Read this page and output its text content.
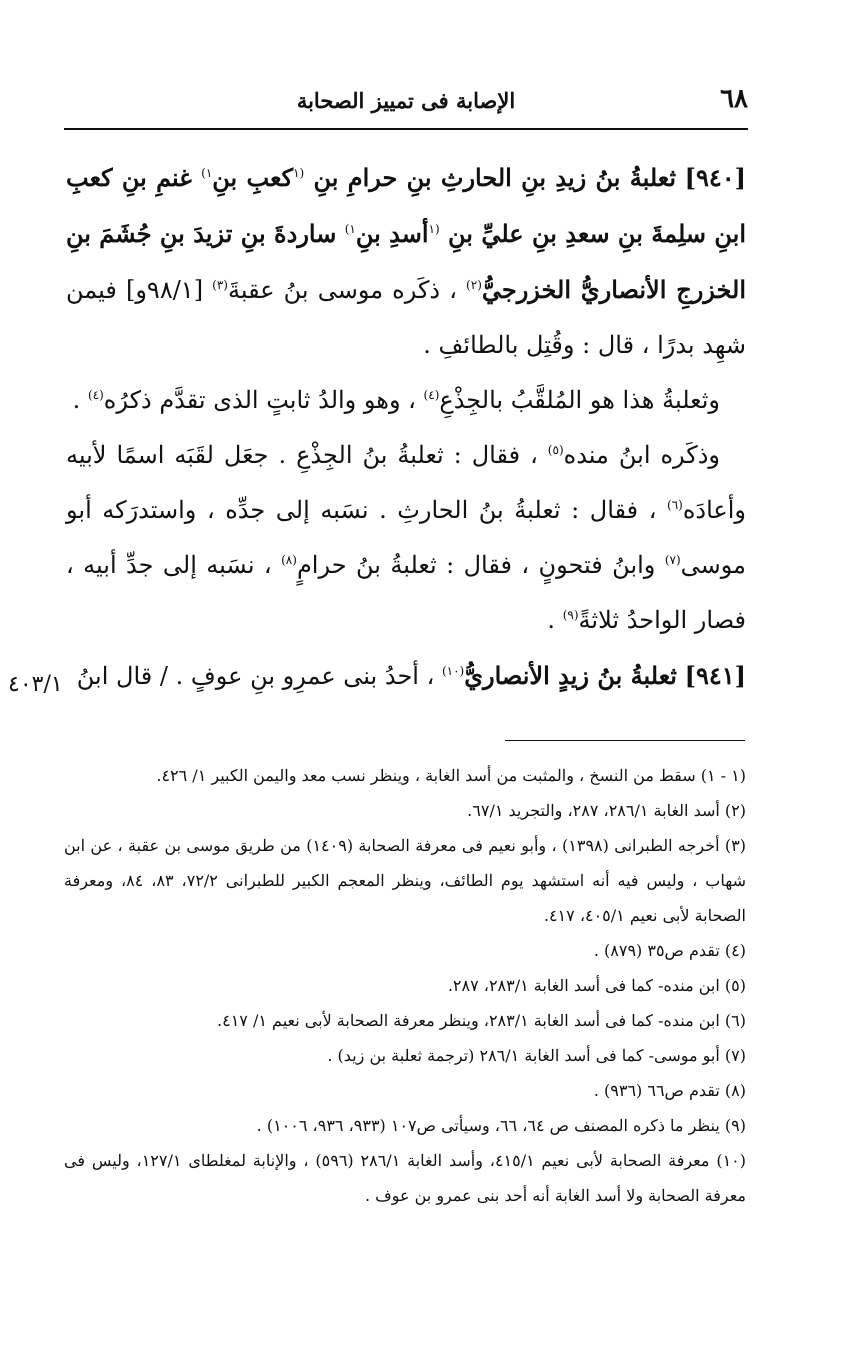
٦٨
الإصابة فى تمييز الصحابة

[٩٤٠] ثعلبةُ بنُ زيدِ بنِ الحارثِ بنِ حرامِ بنِ $^{(١}$كعبِ بنِ$^{١)}$ غنمِ بنِ كعبِ ابنِ سلِمةَ بنِ سعدِ بنِ عليِّ بنِ $^{(١}$أسدِ بنِ$^{١)}$ ساردةَ بنِ تزيدَ بنِ جُشَمَ بنِ الخزرجِ الأنصاريُّ الخزرجيُّ$^{(٢)}$ ، ذكَره موسى بنُ عقبةَ$^{(٣)}$ [٩٨/١و] فيمن شهِد بدرًا ، قال : وقُتِل بالطائفِ .

وثعلبةُ هذا هو المُلقَّبُ بالجِذْعِ$^{(٤)}$ ، وهو والدُ ثابتٍ الذى تقدَّم ذكرُه$^{(٤)}$ .

وذكَره ابنُ منده$^{(٥)}$ ، فقال : ثعلبةُ بنُ الجِذْعِ . جعَل لقَبَه اسمًا لأبيه وأعادَه$^{(٦)}$ ، فقال : ثعلبةُ بنُ الحارثِ . نسَبه إلى جدِّه ، واستدرَكه أبو موسى$^{(٧)}$ وابنُ فتحونٍ ، فقال : ثعلبةُ بنُ حرامٍ$^{(٨)}$ ، نسَبه إلى جدِّ أبيه ، فصار الواحدُ ثلاثةً$^{(٩)}$ .

[٩٤١] ثعلبةُ بنُ زيدٍ الأنصاريُّ$^{(١٠)}$ ، أحدُ بنى عمرِو بنِ عوفٍ . / قال ابنُ

٤٠٣/١

(١ - ١) سقط من النسخ ، والمثبت من أسد الغابة ، وينظر نسب معد واليمن الكبير ١/ ٤٢٦.

(٢) أسد الغابة ٢٨٦/١، ٢٨٧، والتجريد ٦٧/١.

(٣) أخرجه الطبرانى (١٣٩٨) ، وأبو نعيم فى معرفة الصحابة (١٤٠٩) من طريق موسى بن عقبة ، عن ابن شهاب ، وليس فيه أنه استشهد يوم الطائف، وينظر المعجم الكبير للطبرانى ٧٢/٢، ٨٣، ٨٤، ومعرفة الصحابة لأبى نعيم ٤٠٥/١، ٤١٧.

(٤) تقدم ص٣٥ (٨٧٩) .

(٥) ابن منده- كما فى أسد الغابة ٢٨٣/١، ٢٨٧.

(٦) ابن منده- كما فى أسد الغابة ٢٨٣/١، وينظر معرفة الصحابة لأبى نعيم ١/ ٤١٧.

(٧) أبو موسى- كما فى أسد الغابة ٢٨٦/١ (ترجمة ثعلبة بن زيد) .

(٨) تقدم ص٦٦ (٩٣٦) .

(٩) ينظر ما ذكره المصنف ص ٦٤، ٦٦، وسيأتى ص١٠٧ (٩٣٣، ٩٣٦، ١٠٠٦) .

(١٠) معرفة الصحابة لأبى نعيم ٤١٥/١، وأسد الغابة ٢٨٦/١ (٥٩٦) ، والإنابة لمغلطاى ١٢٧/١، وليس فى معرفة الصحابة ولا أسد الغابة أنه أحد بنى عمرو بن عوف .
